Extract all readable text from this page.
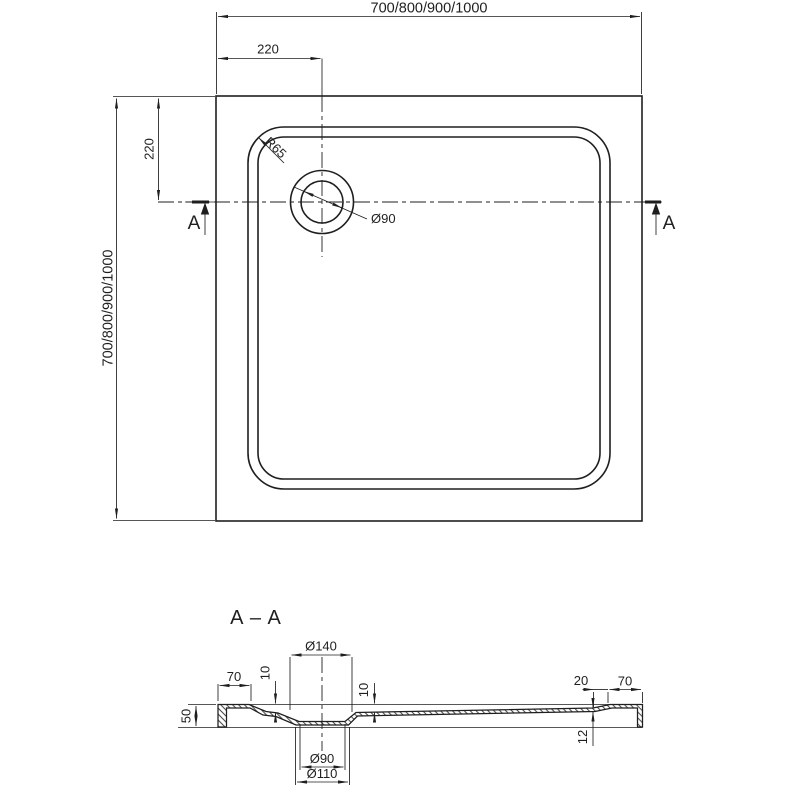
700/800/900/1000
220
700/800/900/1000
220
A	A
R65
Ø90
A – A
Ø140
70 10
10
50
20 70
12
Ø90
Ø110
